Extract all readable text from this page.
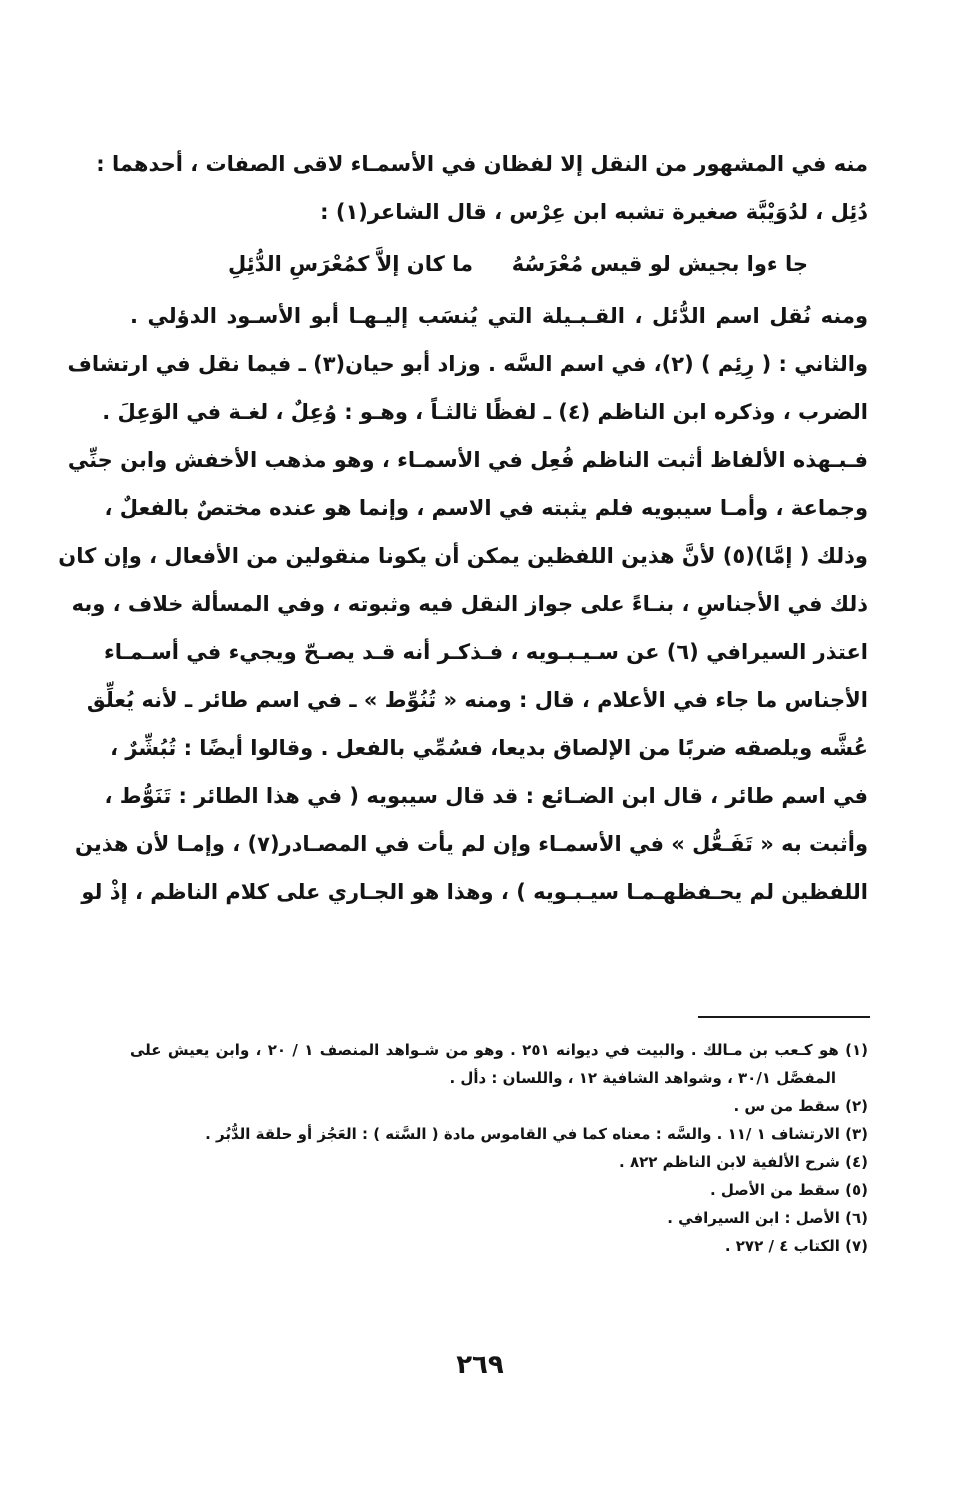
منه في المشهور من النقل إلا لفظان في الأسمـاء لاقى الصفات ، أحدهما :
دُئِل ، لدُوَيْبَّة صغيرة تشبه ابن عِرْس ، قال الشاعر(١) :
جا ءوا بجيش لو قيس مُعْرَسُهُ
ما كان إلاَّ كمُعْرَسِ الدُّئِلِ
ومنه نُقل اسم الدُّئل ، القـبـيلة التي يُنسَب إليـهـا أبو الأسـود الدؤلي .
والثاني : ( رِئِم ) (٢)، في اسم السَّه . وزاد أبو حيان(٣) ـ فيما نقل في ارتشاف
الضرب ، وذكره ابن الناظم (٤) ـ لفظًا ثالثـاً ، وهـو : وُعِلٌ ، لغـة في الوَعِلَ .
فـبـهذه الألفاظ أثبت الناظم فُعِل في الأسمـاء ، وهو مذهب الأخفش وابن جنِّي
وجماعة ، وأمـا سيبويه فلم يثبته في الاسم ، وإنما هو عنده مختصٌ بالفعلٌ ،
وذلك ( إمَّا)(٥) لأنَّ هذين اللفظين يمكن أن يكونا منقولين من الأفعال ، وإن كان
ذلك في الأجناسِ ، بنـاءً على جواز النقل فيه وثبوته ، وفي المسألة خلاف ، وبه
اعتذر السيرافي (٦) عن سـيـبـويه ، فـذكـر أنه قـد يصـحّ ويجيء في أسـمـاء
الأجناس ما جاء في الأعلام ، قال : ومنه « تُنُوِّط » ـ في اسم طائر ـ لأنه يُعلِّق
عُشَّه ويلصقه ضربًا من الإلصاق بديعا، فسُمِّي بالفعل . وقالوا أيضًا : تُبُشِّرٌ ،
في اسم طائر ، قال ابن الضـائع : قد قال سيبويه ( في هذا الطائر : تَنَوُّط ،
وأثبت به « تَفَـعُّل » في الأسمـاء وإن لم يأت في المصـادر(٧) ، وإمـا لأن هذين
اللفظين لم يحـفظهـمـا سيـبـويه ) ، وهذا هو الجـاري على كلام الناظم ، إذْ لو
(١) هو كـعب بن مـالك . والبيت في ديوانه ٢٥١ . وهو من شـواهد المنصف ١ / ٢٠ ، وابن يعيش على
المفصَّل ٣٠/١ ، وشواهد الشافية ١٢ ، واللسان : دأل .
(٢) سقط من س .
(٣) الارتشاف ١ /١١ . والسَّه : معناه كما في القاموس مادة ( السَّته ) : العَجُز أو حلقة الدُّبُر .
(٤) شرح الألفية لابن الناظم ٨٢٢ .
(٥) سقط من الأصل .
(٦) الأصل : ابن السيرافي .
(٧) الكتاب ٤ / ٢٧٢ .
٢٦٩
